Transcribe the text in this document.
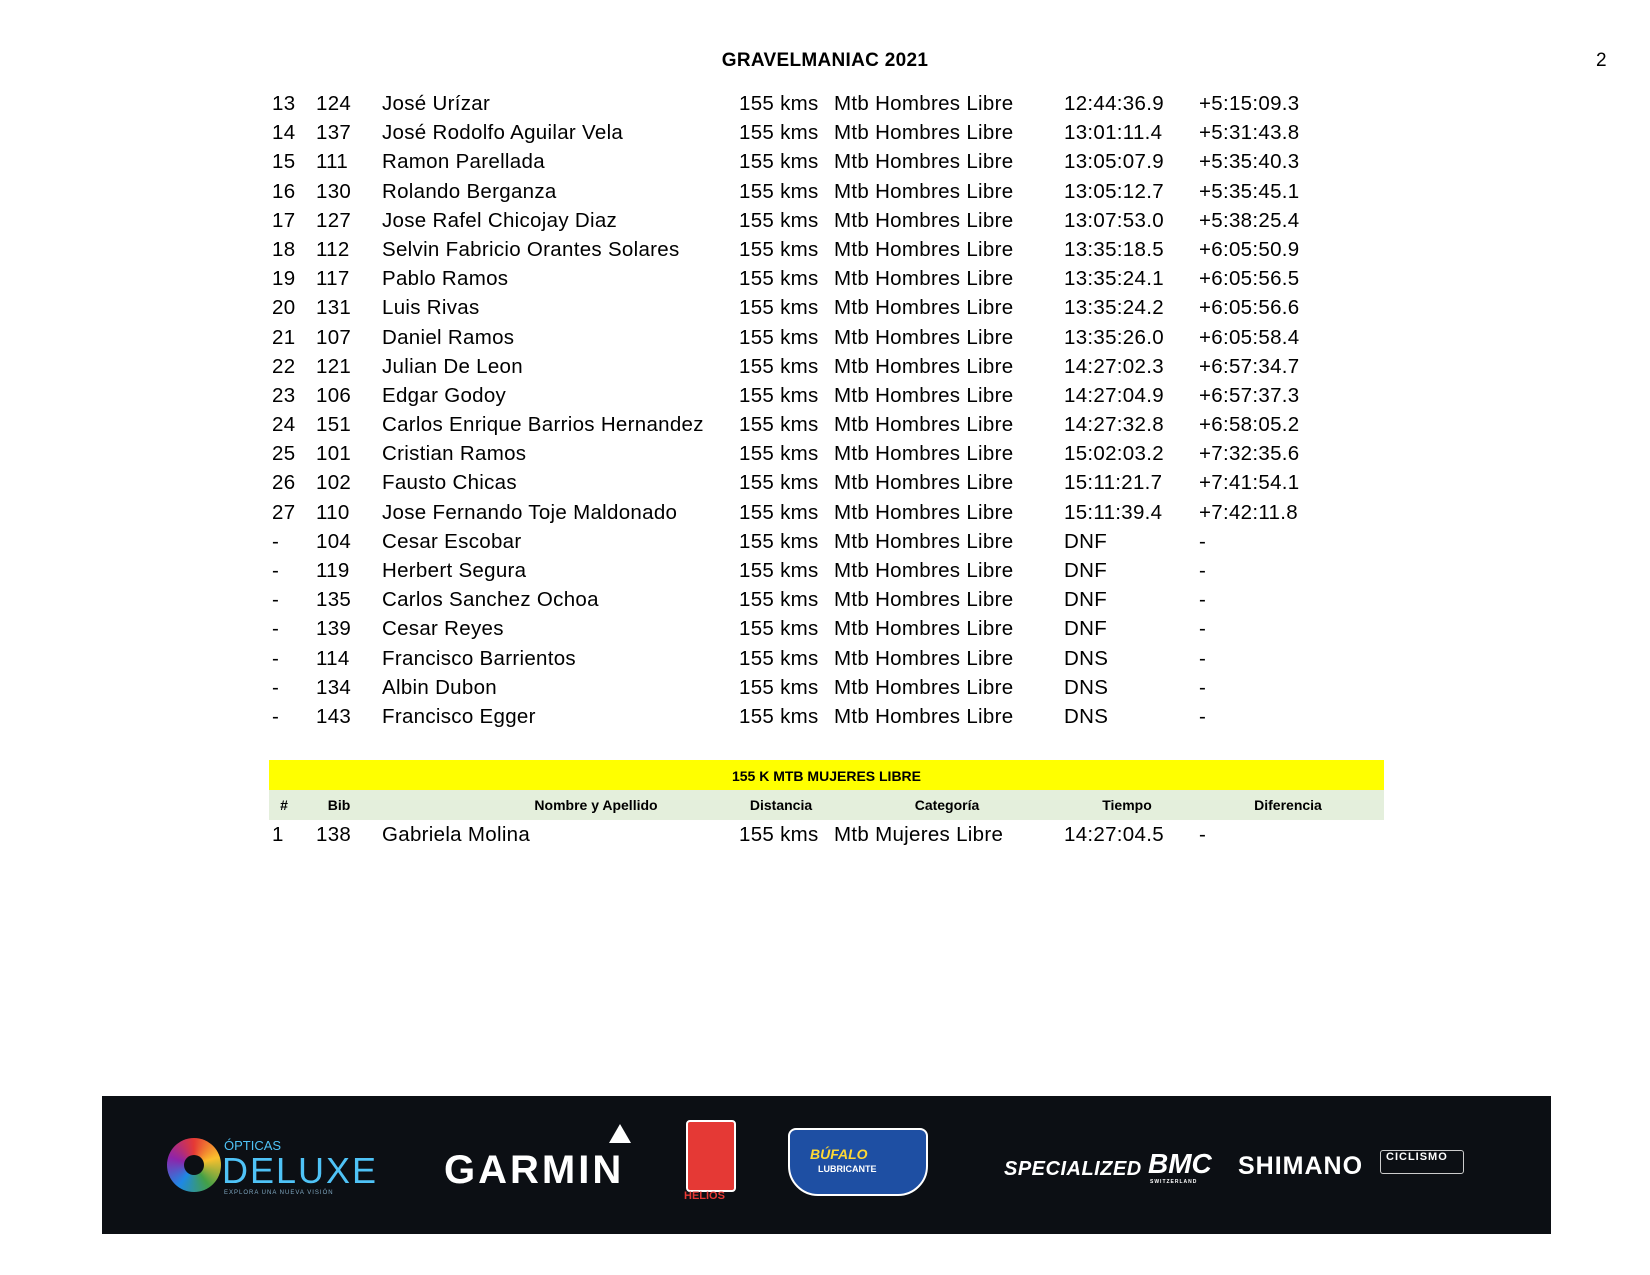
GRAVELMANIAC 2021	2
13 124 José Urízar	155 kms Mtb Hombres Libre 12:44:36.9 +5:15:09.3
14 137 José Rodolfo Aguilar Vela	155 kms Mtb Hombres Libre 13:01:11.4 +5:31:43.8
15 111 Ramon Parellada	155 kms Mtb Hombres Libre 13:05:07.9 +5:35:40.3
16 130 Rolando Berganza	155 kms Mtb Hombres Libre 13:05:12.7 +5:35:45.1
17 127 Jose Rafel Chicojay Diaz	155 kms Mtb Hombres Libre 13:07:53.0 +5:38:25.4
18 112 Selvin Fabricio Orantes Solares	155 kms Mtb Hombres Libre 13:35:18.5 +6:05:50.9
19 117 Pablo Ramos	155 kms Mtb Hombres Libre 13:35:24.1 +6:05:56.5
20 131 Luis Rivas	155 kms Mtb Hombres Libre 13:35:24.2 +6:05:56.6
21 107 Daniel Ramos	155 kms Mtb Hombres Libre 13:35:26.0 +6:05:58.4
22 121 Julian De Leon	155 kms Mtb Hombres Libre 14:27:02.3 +6:57:34.7
23 106 Edgar Godoy	155 kms Mtb Hombres Libre 14:27:04.9 +6:57:37.3
24 151 Carlos Enrique Barrios Hernandez 155 kms Mtb Hombres Libre 14:27:32.8 +6:58:05.2
25 101 Cristian Ramos	155 kms Mtb Hombres Libre 15:02:03.2 +7:32:35.6
26 102 Fausto Chicas	155 kms Mtb Hombres Libre 15:11:21.7 +7:41:54.1
27 110 Jose Fernando Toje Maldonado	155 kms Mtb Hombres Libre 15:11:39.4 +7:42:11.8
- 104 Cesar Escobar	155 kms Mtb Hombres Libre DNF	-
- 119 Herbert Segura	155 kms Mtb Hombres Libre DNF	-
- 135 Carlos Sanchez Ochoa	155 kms Mtb Hombres Libre DNF	-
- 139 Cesar Reyes	155 kms Mtb Hombres Libre DNF	-
- 114 Francisco Barrientos	155 kms Mtb Hombres Libre DNS	-
- 134 Albin Dubon	155 kms Mtb Hombres Libre DNS	-
- 143 Francisco Egger	155 kms Mtb Hombres Libre DNS	-
155 K MTB MUJERES LIBRE
#	Bib	Nombre y Apellido	Distancia	Categoría	Tiempo	Diferencia
1 138 Gabriela Molina	155 kms Mtb Mujeres Libre	14:27:04.5 -
ÓPTICAS
DELUXE
EXPLORA UNA NUEVA VISIÓN
GARMIN
HELIOS
BÚFALO
LUBRICANTE	SPECIALIZED BMC
SWITZERLAND
SHIMANO CICLISMO
